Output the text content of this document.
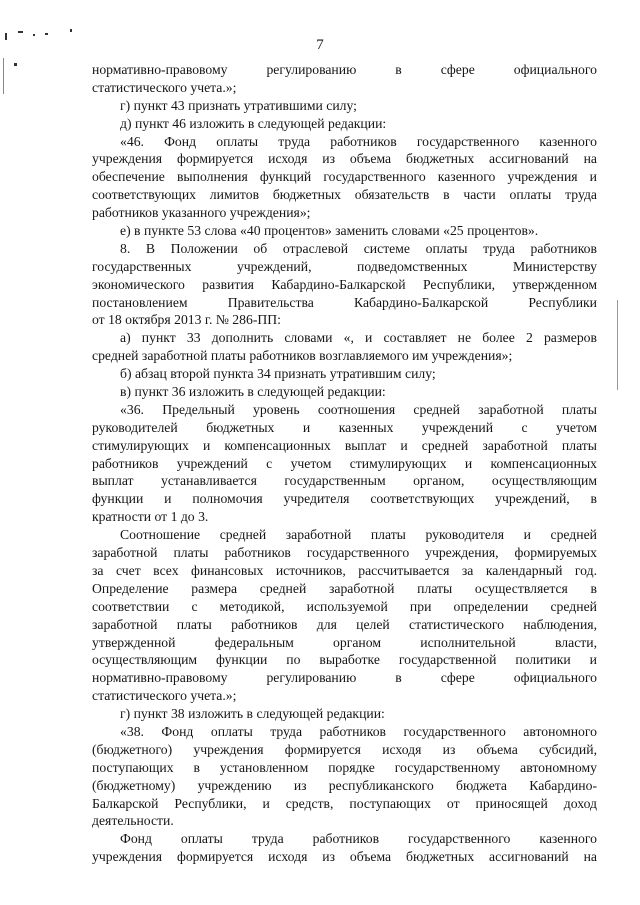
7
нормативно-правовому регулированию в сфере официального
статистического учета.»;
г) пункт 43 признать утратившими силу;
д) пункт 46 изложить в следующей редакции:
«46. Фонд оплаты труда работников государственного казенного
учреждения формируется исходя из объема бюджетных ассигнований на
обеспечение выполнения функций государственного казенного учреждения и
соответствующих лимитов бюджетных обязательств в части оплаты труда
работников указанного учреждения»;
е) в пункте 53 слова «40 процентов» заменить словами «25 процентов».
8. В Положении об отраслевой системе оплаты труда работников
государственных учреждений, подведомственных Министерству
экономического развития Кабардино-Балкарской Республики, утвержденном
постановлением Правительства Кабардино-Балкарской Республики
от 18 октября 2013 г. № 286-ПП:
а) пункт 33 дополнить словами «, и составляет не более 2 размеров
средней заработной платы работников возглавляемого им учреждения»;
б) абзац второй пункта 34 признать утратившим силу;
в) пункт 36 изложить в следующей редакции:
«36. Предельный уровень соотношения средней заработной платы
руководителей бюджетных и казенных учреждений с учетом
стимулирующих и компенсационных выплат и средней заработной платы
работников учреждений с учетом стимулирующих и компенсационных
выплат устанавливается государственным органом, осуществляющим
функции и полномочия учредителя соответствующих учреждений, в
кратности от 1 до 3.
Соотношение средней заработной платы руководителя и средней
заработной платы работников государственного учреждения, формируемых
за счет всех финансовых источников, рассчитывается за календарный год.
Определение размера средней заработной платы осуществляется в
соответствии с методикой, используемой при определении средней
заработной платы работников для целей статистического наблюдения,
утвержденной федеральным органом исполнительной власти,
осуществляющим функции по выработке государственной политики и
нормативно-правовому регулированию в сфере официального
статистического учета.»;
г) пункт 38 изложить в следующей редакции:
«38. Фонд оплаты труда работников государственного автономного
(бюджетного) учреждения формируется исходя из объема субсидий,
поступающих в установленном порядке государственному автономному
(бюджетному) учреждению из республиканского бюджета Кабардино-
Балкарской Республики, и средств, поступающих от приносящей доход
деятельности.
Фонд оплаты труда работников государственного казенного
учреждения формируется исходя из объема бюджетных ассигнований на
